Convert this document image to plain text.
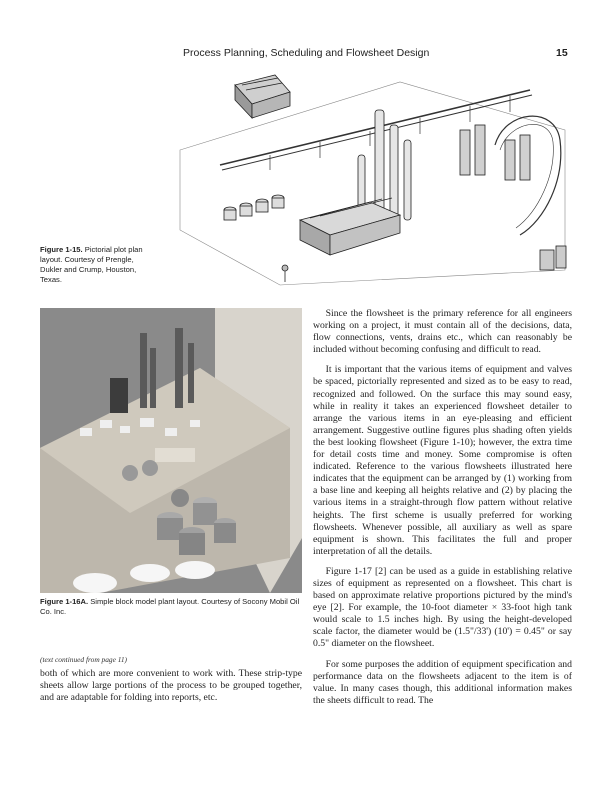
Process Planning, Scheduling and Flowsheet Design	15
Figure 1-15. Pictorial plot plan layout. Courtesy of Prengle, Dukler and Crump, Houston, Texas.
Figure 1-16A. Simple block model plant layout. Courtesy of Socony Mobil Oil Co. Inc.
(text continued from page 11)

both of which are more convenient to work with. These strip-type sheets allow large portions of the process to be grouped together, and are adaptable for folding into reports, etc.

Since the flowsheet is the primary reference for all engineers working on a project, it must contain all of the decisions, data, flow connections, vents, drains etc., which can reasonably be included without becoming confusing and difficult to read.

It is important that the various items of equipment and valves be spaced, pictorially represented and sized as to be easy to read, recognized and followed. On the surface this may sound easy, while in reality it takes an experienced flowsheet detailer to arrange the various items in an eye-pleasing and efficient arrangement. Suggestive outline figures plus shading often yields the best looking flowsheet (Figure 1-10); however, the extra time for detail costs time and money. Some compromise is often indicated. Reference to the various flowsheets illustrated here indicates that the equipment can be arranged by (1) working from a base line and keeping all heights relative and (2) by placing the various items in a straight-through flow pattern without relative heights. The first scheme is usually preferred for working flowsheets. Whenever possible, all auxiliary as well as spare equipment is shown. This facilitates the full and proper interpretation of all the details.

Figure 1-17 [2] can be used as a guide in establishing relative sizes of equipment as represented on a flowsheet. This chart is based on approximate relative proportions pictured by the mind's eye [2]. For example, the 10-foot diameter × 33-foot high tank would scale to 1.5 inches high. By using the height-developed scale factor, the diameter would be (1.5"/33') (10') = 0.45" or say 0.5" diameter on the flowsheet.

For some purposes the addition of equipment specification and performance data on the flowsheets adjacent to the item is of value. In many cases though, this additional information makes the sheets difficult to read. The
